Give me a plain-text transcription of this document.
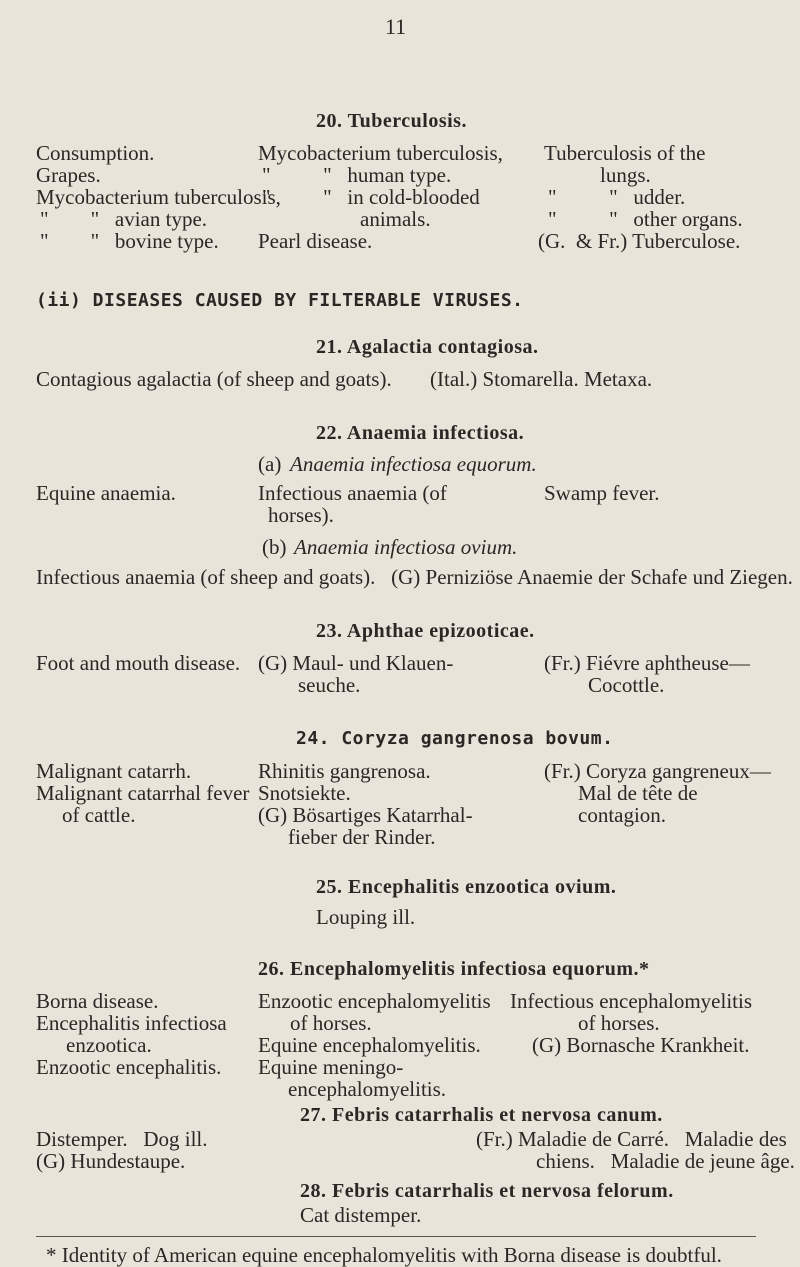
11
20. Tuberculosis.
Consumption.
Grapes.
Mycobacterium tuberculosis,
"        "   avian type.
"        "   bovine type.
Mycobacterium tuberculosis,
"          "   human type.
"          "   in cold-blooded
animals.
Pearl disease.
Tuberculosis of the
lungs.
"          "   udder.
"          "   other organs.
(G.  & Fr.) Tuberculose.
(ii) DISEASES CAUSED BY FILTERABLE VIRUSES.
21. Agalactia contagiosa.
Contagious agalactia (of sheep and goats). (Ital.) Stomarella. Metaxa.
22. Anaemia infectiosa.
(a) Anaemia infectiosa equorum.
Equine anaemia.	Infectious anaemia (of
horses).
Swamp fever.
(b) Anaemia infectiosa ovium.
Infectious anaemia (of sheep and goats).   (G) Perniziöse Anaemie der Schafe und Ziegen.
23. Aphthae epizooticae.
Foot and mouth disease. (G) Maul- und Klauen-
seuche.
(Fr.) Fiévre aphtheuse—
Cocottle.
24. Coryza gangrenosa bovum.
Malignant catarrh.
Malignant catarrhal fever
of cattle.
Rhinitis gangrenosa.
Snotsiekte.
(G) Bösartiges Katarrhal-
fieber der Rinder.
(Fr.) Coryza gangreneux—
Mal de tête de
contagion.
25. Encephalitis enzootica ovium.
Louping ill.
26. Encephalomyelitis infectiosa equorum.*
Borna disease.
Encephalitis infectiosa
enzootica.
Enzootic encephalitis.
Enzootic encephalomyelitis
of horses.
Equine encephalomyelitis.
Equine meningo-
encephalomyelitis.
Infectious encephalomyelitis
of horses.
(G) Bornasche Krankheit.
27. Febris catarrhalis et nervosa canum.
Distemper.   Dog ill.
(G) Hundestaupe.
(Fr.) Maladie de Carré.   Maladie des
chiens.   Maladie de jeune âge.
28. Febris catarrhalis et nervosa felorum.
Cat distemper.
* Identity of American equine encephalomyelitis with Borna disease is doubtful.
